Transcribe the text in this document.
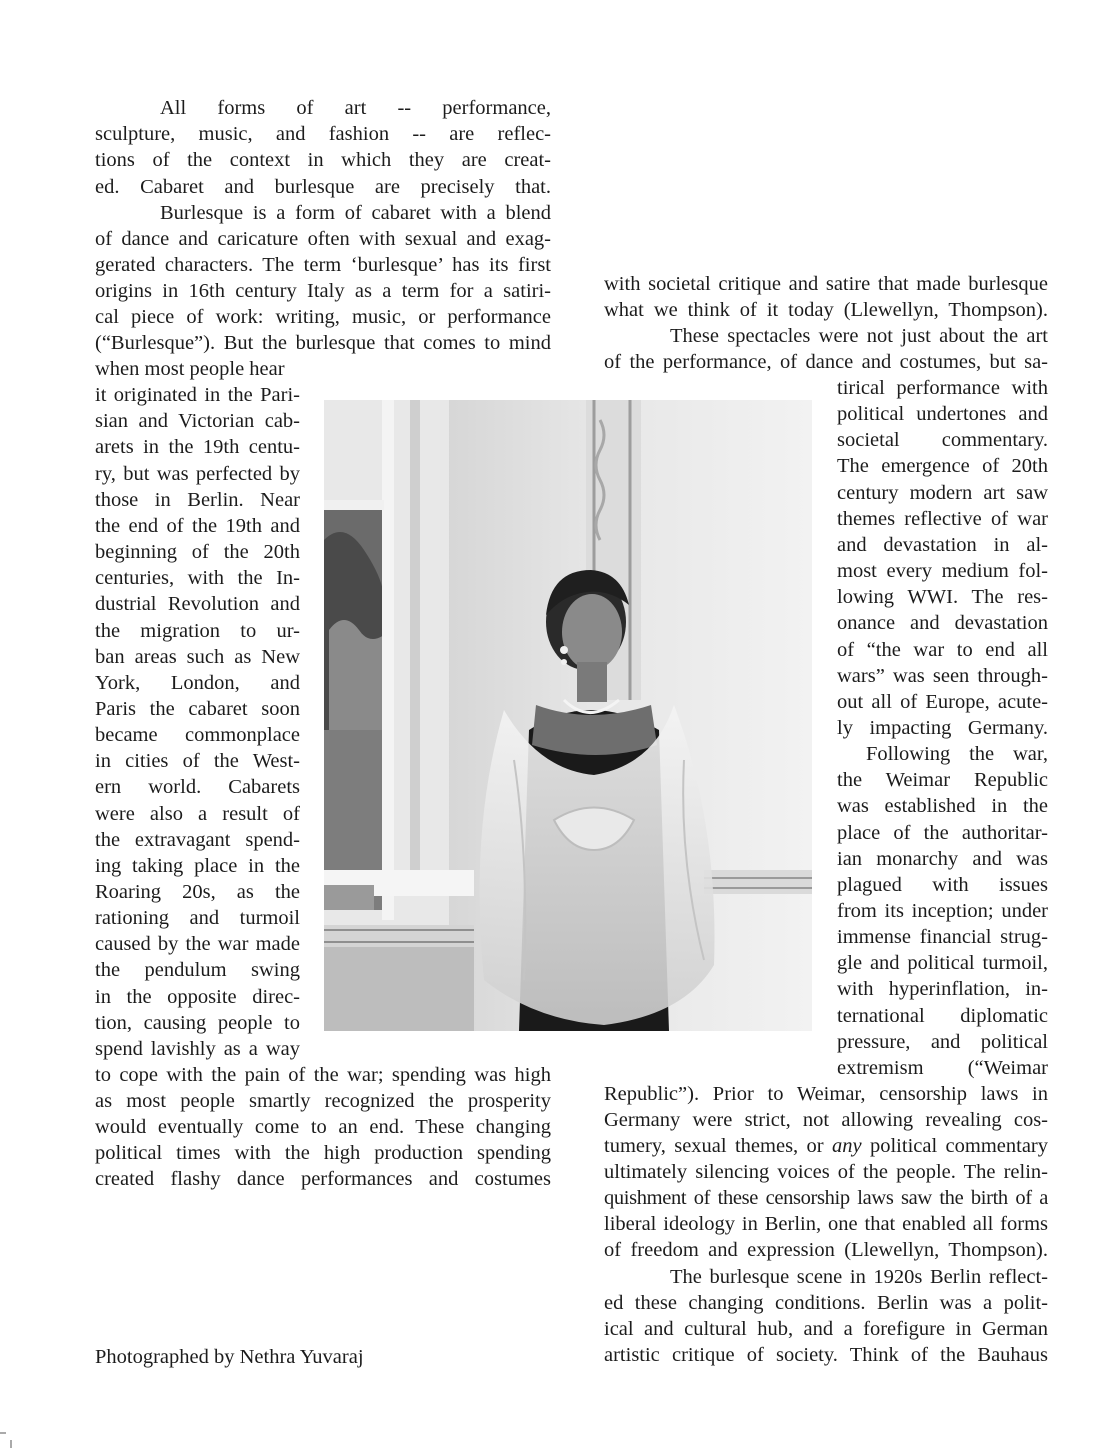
All forms of art -- performance,
sculpture, music, and fashion -- are reflec-
tions of the context in which they are creat-
ed. Cabaret and burlesque are precisely that.
Burlesque is a form of cabaret with a blend
of dance and caricature often with sexual and exag-
gerated characters. The term ‘burlesque’ has its first
origins in 16th century Italy as a term for a satiri-
cal piece of work: writing, music, or performance
(“Burlesque”). But the burlesque that comes to mind
when most people hear
it originated in the Pari-
sian and Victorian cab-
arets in the 19th centu-
ry, but was perfected by
those in Berlin. Near
the end of the 19th and
beginning of the 20th
centuries, with the In-
dustrial Revolution and
the migration to ur-
ban areas such as New
York, London, and
Paris the cabaret soon
became commonplace
in cities of the West-
ern world. Cabarets
were also a result of
the extravagant spend-
ing taking place in the
Roaring 20s, as the
rationing and turmoil
caused by the war made
the pendulum swing
in the opposite direc-
tion, causing people to
spend lavishly as a way
to cope with the pain of the war; spending was high
as most people smartly recognized the prosperity
would eventually come to an end. These changing
political times with the high production spending
created flashy dance performances and costumes
with societal critique and satire that made burlesque
what we think of it today (Llewellyn, Thompson).
These spectacles were not just about the art
of the performance, of dance and costumes, but sa-
tirical performance with
political undertones and
societal commentary.
The emergence of 20th
century modern art saw
themes reflective of war
and devastation in al-
most every medium fol-
lowing WWI. The res-
onance and devastation
of “the war to end all
wars” was seen through-
out all of Europe, acute-
ly impacting Germany.
Following the war,
the Weimar Republic
was established in the
place of the authoritar-
ian monarchy and was
plagued with issues
from its inception; under
immense financial strug-
gle and political turmoil,
with hyperinflation, in-
ternational diplomatic
pressure, and political
extremism (“Weimar
Republic”). Prior to Weimar, censorship laws in
Germany were strict, not allowing revealing cos-
tumery, sexual themes, or any political commentary
ultimately silencing voices of the people. The relin-
quishment of these censorship laws saw the birth of a
liberal ideology in Berlin, one that enabled all forms
of freedom and expression (Llewellyn, Thompson).
The burlesque scene in 1920s Berlin reflect-
ed these changing conditions. Berlin was a polit-
ical and cultural hub, and a forefigure in German
artistic critique of society. Think of the Bauhaus
Photographed by Nethra Yuvaraj
